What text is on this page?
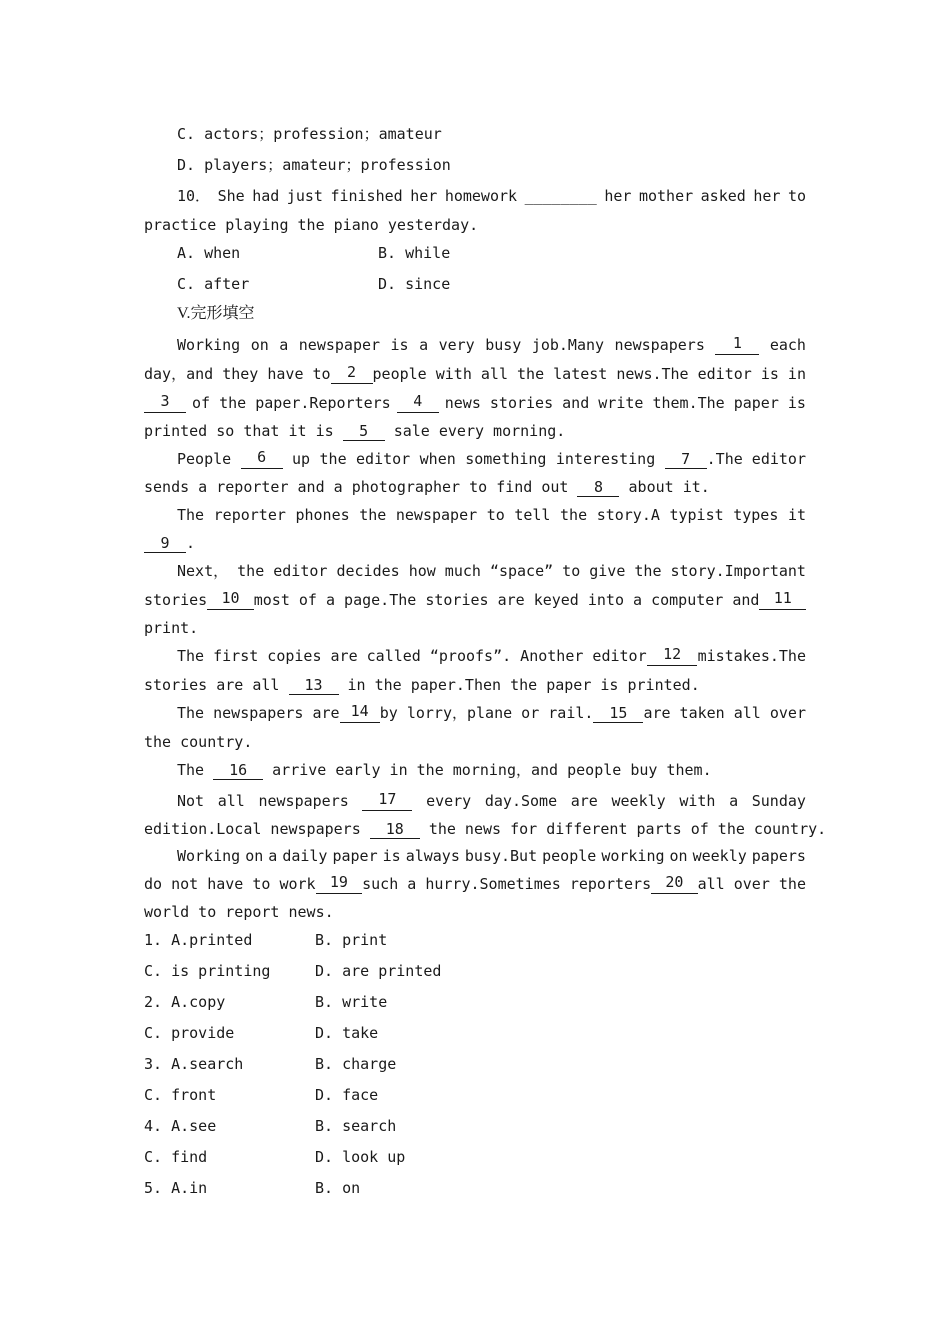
C. actors；profession；amateur
D. players；amateur；profession
10． She had just finished her homework ________ her mother asked her to
practice playing the piano yesterday.
A. when	B. while
C. after	D. since
V.完形填空
Working on a newspaper is a very busy job.Many newspapers	1	each
day，and they have to	2	people with all the latest news.The editor is in
3	of the paper.Reporters	4	news stories and write them.The paper is
printed so that it is 5 sale every morning.
People	6	up the editor when something interesting	7 .The editor
sends a reporter and a photographer to find out 8 about it.
The reporter phones the newspaper to tell the story.A typist types it
9 .
Next， the editor decides how much “space” to give the story.Important
stories 10 most of a page.The stories are keyed into a computer and 11
print.
The first copies are called “proofs”. Another editor	12	mistakes.The
stories are all 13 in the paper.Then the paper is printed.
The newspapers are 14 by lorry，plane or rail. 15	are taken all over
the country.
The 16 arrive early in the morning，and people buy them.
Not all newspapers	17	every day.Some are weekly with a Sunday
edition.Local newspapers 18 the news for different parts of the country.
Working on a daily paper is always busy.But people working on weekly papers
do not have to work 19 such a hurry.Sometimes reporters 20 all over the
world to report news.
1. A.printed	B. print
C. is printing	D. are printed
2. A.copy	B. write
C. provide	D. take
3. A.search	B. charge
C. front	D. face
4. A.see	B. search
C. find	D. look up
5. A.in	B. on
